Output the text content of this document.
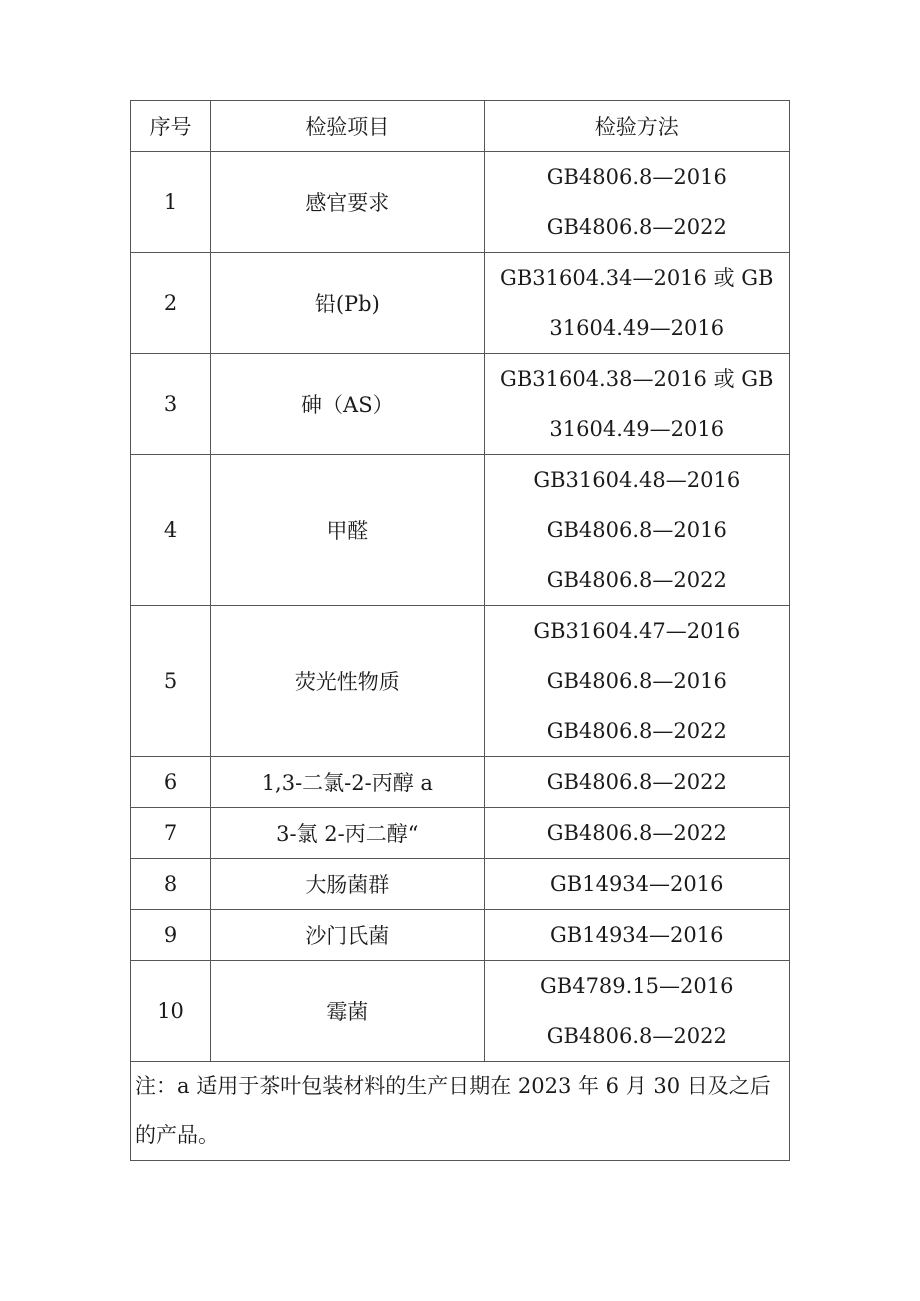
序号	检验项目	检验方法
1	感官要求	GB4806.8—2016
GB4806.8—2022

2	铅(Pb)	GB31604.34—2016 或 GB
31604.49—2016

3	砷（AS）	GB31604.38—2016 或 GB
31604.49—2016

4	甲醛	GB31604.48—2016
GB4806.8—2016
GB4806.8—2022

5	荧光性物质	GB31604.47—2016
GB4806.8—2016
GB4806.8—2022

6	1,3-二氯-2-丙醇 a	GB4806.8—2022

7	3-氯 2-丙二醇“	GB4806.8—2022

8	大肠菌群	GB14934—2016

9	沙门氏菌	GB14934—2016

10	霉菌	GB4789.15—2016
GB4806.8—2022

注：a 适用于茶叶包装材料的生产日期在 2023 年 6 月 30 日及之后的产品。		
